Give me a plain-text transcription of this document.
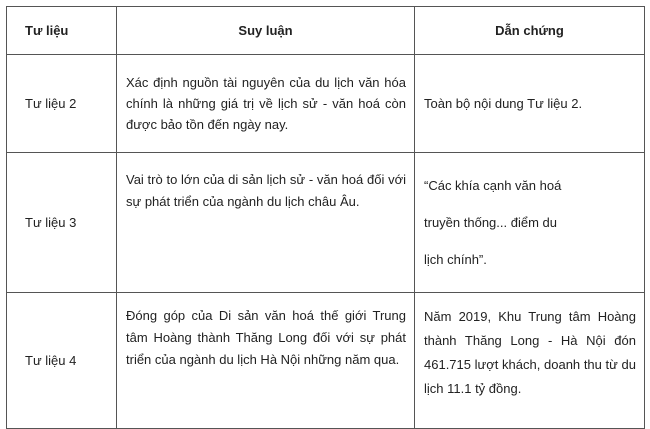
Tư liệu	Suy luận	Dẫn chứng
Tư liệu 2	Xác định nguồn tài nguyên của du lịch văn hóa chính là những giá trị về lịch sử - văn hoá còn được bảo tồn đến ngày nay.	Toàn bộ nội dung Tư liệu 2.

Tư liệu 3	Vai trò to lớn của di sản lịch sử - văn hoá đối với sự phát triển của ngành du lịch châu Âu.	“Các khía cạnh văn hoá
truyền thống... điểm du
lịch chính”.

Tư liệu 4	Đóng góp của Di sản văn hoá thế giới Trung tâm Hoàng thành Thăng Long đối với sự phát triển của ngành du lịch Hà Nội những năm qua.	Năm 2019, Khu Trung tâm Hoàng thành Thăng Long - Hà Nội đón 461.715 lượt khách, doanh thu từ du lịch 11.1 tỷ đồng.
